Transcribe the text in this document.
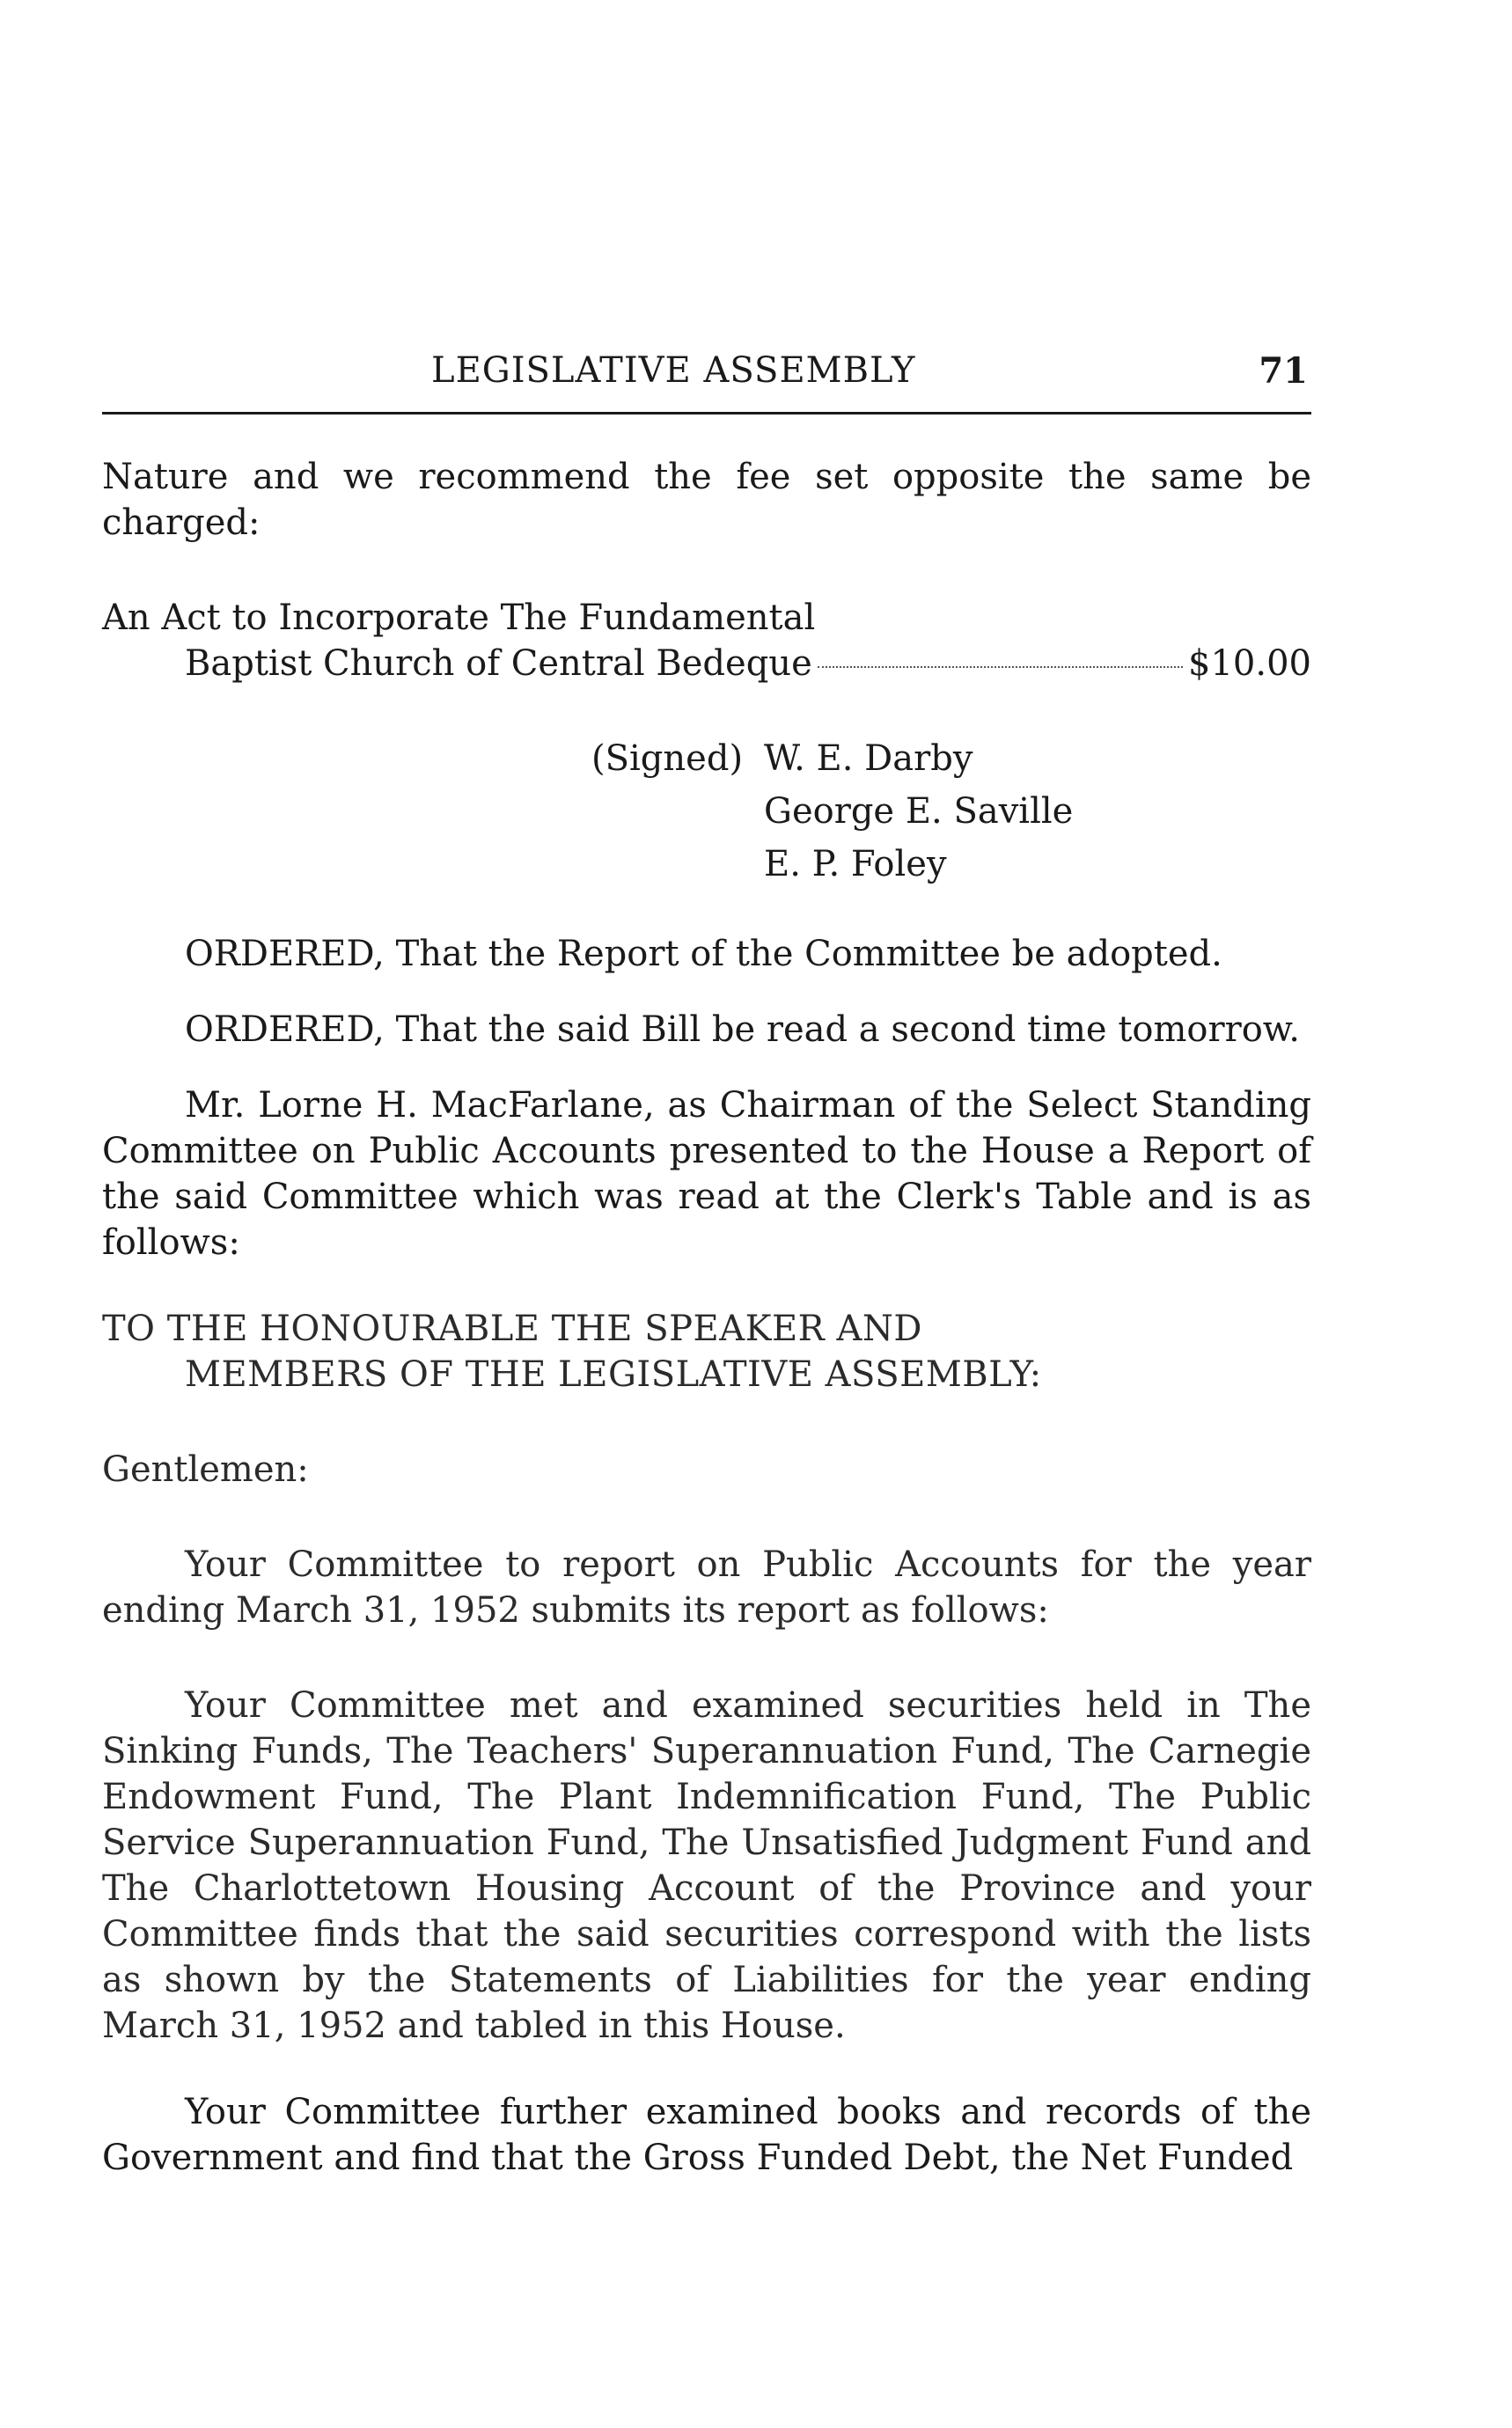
LEGISLATIVE ASSEMBLY	71

Nature and we recommend the fee set opposite the same be charged:

An Act to Incorporate The Fundamental

Baptist Church of Central Bedeque	$10.00
(Signed) W. E. Darby
George E. Saville
E. P. Foley

ORDERED, That the Report of the Committee be adopted.

ORDERED, That the said Bill be read a second time tomorrow.

Mr. Lorne H. MacFarlane, as Chairman of the Select Standing Committee on Public Accounts presented to the House a Report of the said Committee which was read at the Clerk's Table and is as follows:

TO THE HONOURABLE THE SPEAKER AND

MEMBERS OF THE LEGISLATIVE ASSEMBLY:

Gentlemen:

Your Committee to report on Public Accounts for the year ending March 31, 1952 submits its report as follows:

Your Committee met and examined securities held in The Sinking Funds, The Teachers' Superannuation Fund, The Carnegie Endowment Fund, The Plant Indemnification Fund, The Public Service Superannuation Fund, The Unsatisfied Judgment Fund and The Charlottetown Housing Account of the Province and your Committee finds that the said securities correspond with the lists as shown by the Statements of Liabilities for the year ending March 31, 1952 and tabled in this House.

Your Committee further examined books and records of the Government and find that the Gross Funded Debt, the Net Funded
